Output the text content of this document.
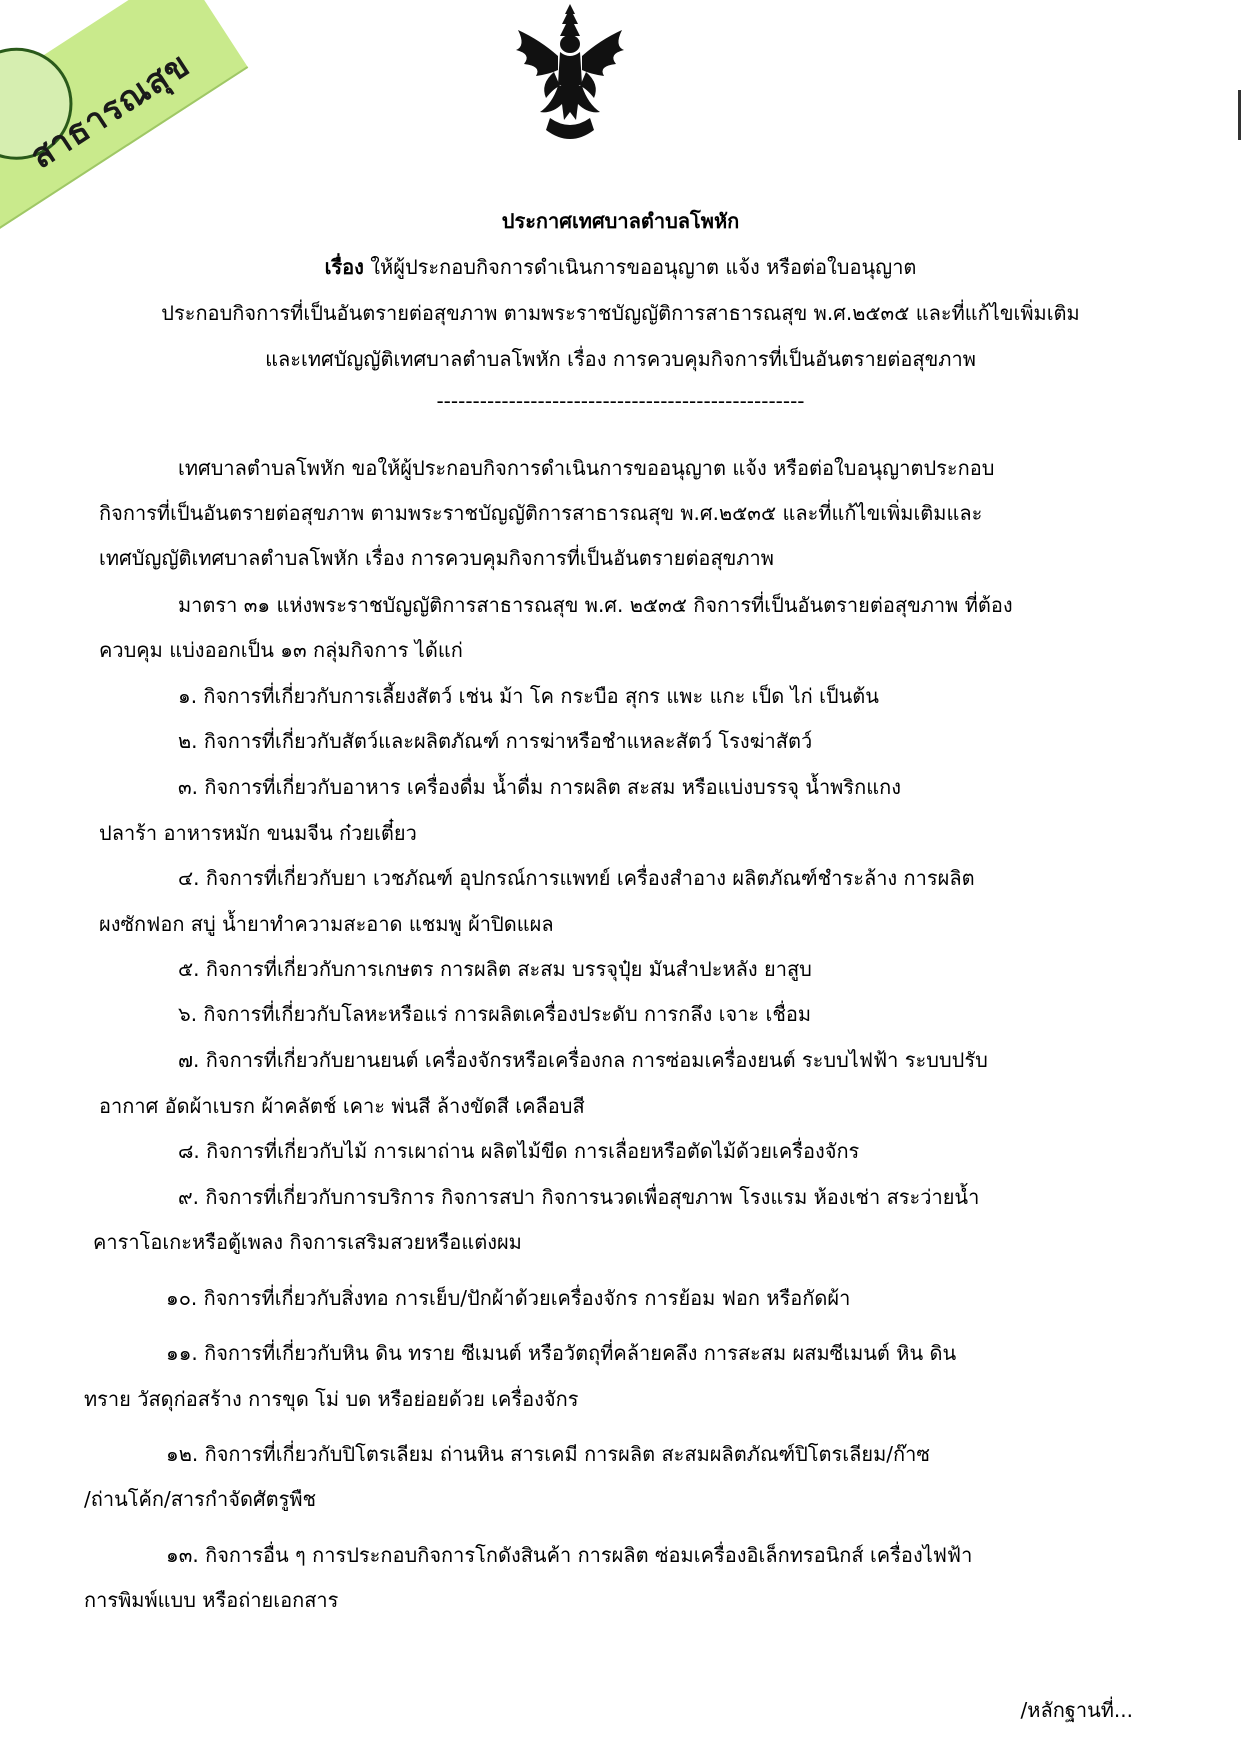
สาธารณสุข
ประกาศเทศบาลตำบลโพหัก
เรื่อง ให้ผู้ประกอบกิจการดำเนินการขออนุญาต แจ้ง หรือต่อใบอนุญาต
ประกอบกิจการที่เป็นอันตรายต่อสุขภาพ ตามพระราชบัญญัติการสาธารณสุข พ.ศ.๒๕๓๕ และที่แก้ไขเพิ่มเติม
และเทศบัญญัติเทศบาลตำบลโพหัก เรื่อง การควบคุมกิจการที่เป็นอันตรายต่อสุขภาพ
---------------------------------------------------
เทศบาลตำบลโพหัก ขอให้ผู้ประกอบกิจการดำเนินการขออนุญาต แจ้ง หรือต่อใบอนุญาตประกอบ
กิจการที่เป็นอันตรายต่อสุขภาพ ตามพระราชบัญญัติการสาธารณสุข พ.ศ.๒๕๓๕ และที่แก้ไขเพิ่มเติมและ
เทศบัญญัติเทศบาลตำบลโพหัก เรื่อง การควบคุมกิจการที่เป็นอันตรายต่อสุขภาพ
มาตรา ๓๑ แห่งพระราชบัญญัติการสาธารณสุข พ.ศ. ๒๕๓๕ กิจการที่เป็นอันตรายต่อสุขภาพ ที่ต้อง
ควบคุม แบ่งออกเป็น ๑๓ กลุ่มกิจการ ได้แก่
๑. กิจการที่เกี่ยวกับการเลี้ยงสัตว์ เช่น ม้า โค กระบือ สุกร แพะ แกะ เป็ด ไก่ เป็นต้น
๒. กิจการที่เกี่ยวกับสัตว์และผลิตภัณฑ์ การฆ่าหรือชำแหละสัตว์ โรงฆ่าสัตว์
๓. กิจการที่เกี่ยวกับอาหาร เครื่องดื่ม น้ำดื่ม การผลิต สะสม หรือแบ่งบรรจุ น้ำพริกแกง
ปลาร้า อาหารหมัก ขนมจีน ก๋วยเตี๋ยว
๔. กิจการที่เกี่ยวกับยา เวชภัณฑ์ อุปกรณ์การแพทย์ เครื่องสำอาง ผลิตภัณฑ์ชำระล้าง การผลิต
ผงซักฟอก สบู่ น้ำยาทำความสะอาด แชมพู ผ้าปิดแผล
๕. กิจการที่เกี่ยวกับการเกษตร การผลิต สะสม บรรจุปุ๋ย มันสำปะหลัง ยาสูบ
๖. กิจการที่เกี่ยวกับโลหะหรือแร่ การผลิตเครื่องประดับ การกลึง เจาะ เชื่อม
๗. กิจการที่เกี่ยวกับยานยนต์ เครื่องจักรหรือเครื่องกล การซ่อมเครื่องยนต์ ระบบไฟฟ้า ระบบปรับ
อากาศ อัดผ้าเบรก ผ้าคลัตช์ เคาะ พ่นสี ล้างขัดสี เคลือบสี
๘. กิจการที่เกี่ยวกับไม้ การเผาถ่าน ผลิตไม้ขีด การเลื่อยหรือตัดไม้ด้วยเครื่องจักร
๙. กิจการที่เกี่ยวกับการบริการ กิจการสปา กิจการนวดเพื่อสุขภาพ โรงแรม ห้องเช่า สระว่ายน้ำ
คาราโอเกะหรือตู้เพลง กิจการเสริมสวยหรือแต่งผม
๑๐. กิจการที่เกี่ยวกับสิ่งทอ การเย็บ/ปักผ้าด้วยเครื่องจักร การย้อม ฟอก หรือกัดผ้า
๑๑. กิจการที่เกี่ยวกับหิน ดิน ทราย ซีเมนต์ หรือวัตถุที่คล้ายคลึง การสะสม ผสมซีเมนต์ หิน ดิน
ทราย วัสดุก่อสร้าง การขุด โม่ บด หรือย่อยด้วย เครื่องจักร
๑๒. กิจการที่เกี่ยวกับปิโตรเลียม ถ่านหิน สารเคมี การผลิต สะสมผลิตภัณฑ์ปิโตรเลียม/ก๊าซ
/ถ่านโค้ก/สารกำจัดศัตรูพืช
๑๓. กิจการอื่น ๆ การประกอบกิจการโกดังสินค้า การผลิต ซ่อมเครื่องอิเล็กทรอนิกส์ เครื่องไฟฟ้า
การพิมพ์แบบ หรือถ่ายเอกสาร
/หลักฐานที่...
